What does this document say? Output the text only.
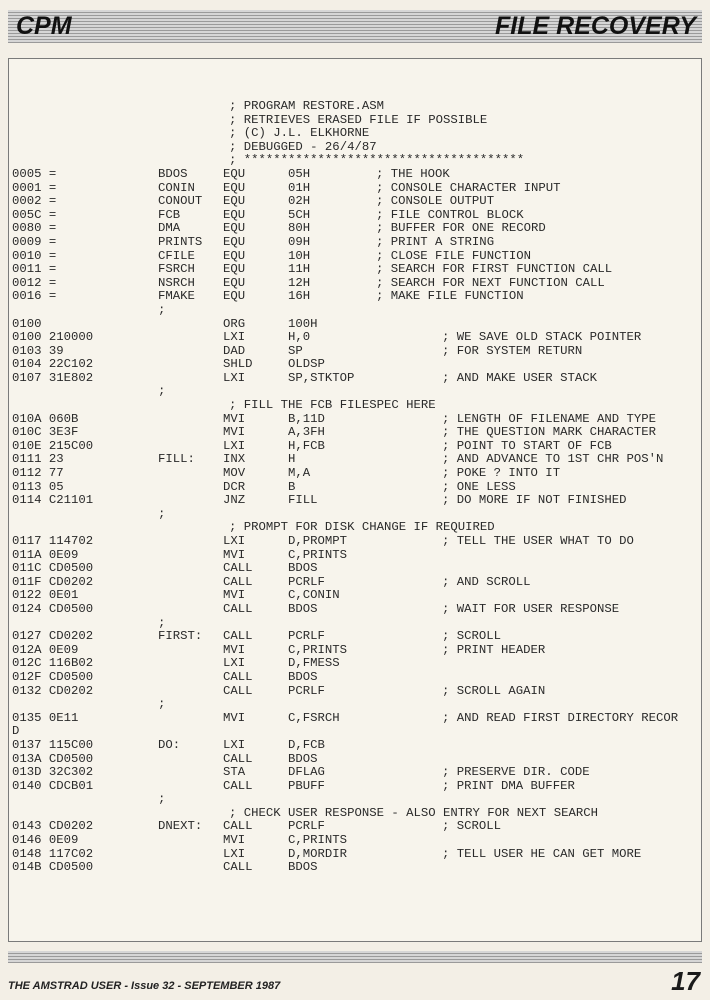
CPM	FILE RECOVERY
; PROGRAM RESTORE.ASM
; RETRIEVES ERASED FILE IF POSSIBLE
; (C) J.L. ELKHORNE
; DEBUGGED - 26/4/87
; **************************************
0005 =	BDOS	EQU	05H	; THE HOOK
0001 =	CONIN EQU	01H	; CONSOLE CHARACTER INPUT
0002 =	CONOUT EQU	02H	; CONSOLE OUTPUT
005C =	FCB	EQU	5CH	; FILE CONTROL BLOCK
0080 =	DMA	EQU	80H	; BUFFER FOR ONE RECORD
0009 =	PRINTS EQU	09H	; PRINT A STRING
0010 =	CFILE EQU	10H	; CLOSE FILE FUNCTION
0011 =	FSRCH EQU	11H	; SEARCH FOR FIRST FUNCTION CALL
0012 =	NSRCH EQU	12H	; SEARCH FOR NEXT FUNCTION CALL
0016 =	FMAKE EQU	16H	; MAKE FILE FUNCTION
;
0100	ORG	100H
0100 210000	LXI	H,0	; WE SAVE OLD STACK POINTER
0103 39	DAD	SP	; FOR SYSTEM RETURN
0104 22C102	SHLD	OLDSP
0107 31E802	LXI	SP,STKTOP	; AND MAKE USER STACK
;
; FILL THE FCB FILESPEC HERE
010A 060B	MVI	B,11D	; LENGTH OF FILENAME AND TYPE
010C 3E3F	MVI	A,3FH	; THE QUESTION MARK CHARACTER
010E 215C00	LXI	H,FCB	; POINT TO START OF FCB
0111 23	FILL: INX	H	; AND ADVANCE TO 1ST CHR POS'N
0112 77	MOV	M,A	; POKE ? INTO IT
0113 05	DCR	B	; ONE LESS
0114 C21101	JNZ	FILL	; DO MORE IF NOT FINISHED
;
; PROMPT FOR DISK CHANGE IF REQUIRED
0117 114702	LXI	D,PROMPT	; TELL THE USER WHAT TO DO
011A 0E09	MVI	C,PRINTS
011C CD0500	CALL	BDOS
011F CD0202	CALL	PCRLF	; AND SCROLL
0122 0E01	MVI	C,CONIN
0124 CD0500	CALL	BDOS	; WAIT FOR USER RESPONSE
;
0127 CD0202	FIRST: CALL	PCRLF	; SCROLL
012A 0E09	MVI	C,PRINTS	; PRINT HEADER
012C 116B02	LXI	D,FMESS
012F CD0500	CALL	BDOS
0132 CD0202	CALL	PCRLF	; SCROLL AGAIN
;
0135 0E11	MVI	C,FSRCH	; AND READ FIRST DIRECTORY RECOR
D
0137 115C00	DO:	LXI	D,FCB
013A CD0500	CALL	BDOS
013D 32C302	STA	DFLAG	; PRESERVE DIR. CODE
0140 CDCB01	CALL	PBUFF	; PRINT DMA BUFFER
;
; CHECK USER RESPONSE - ALSO ENTRY FOR NEXT SEARCH
0143 CD0202	DNEXT: CALL	PCRLF	; SCROLL
0146 0E09	MVI	C,PRINTS
0148 117C02	LXI	D,MORDIR	; TELL USER HE CAN GET MORE
014B CD0500	CALL	BDOS
THE AMSTRAD USER - Issue 32 - SEPTEMBER 1987	17
